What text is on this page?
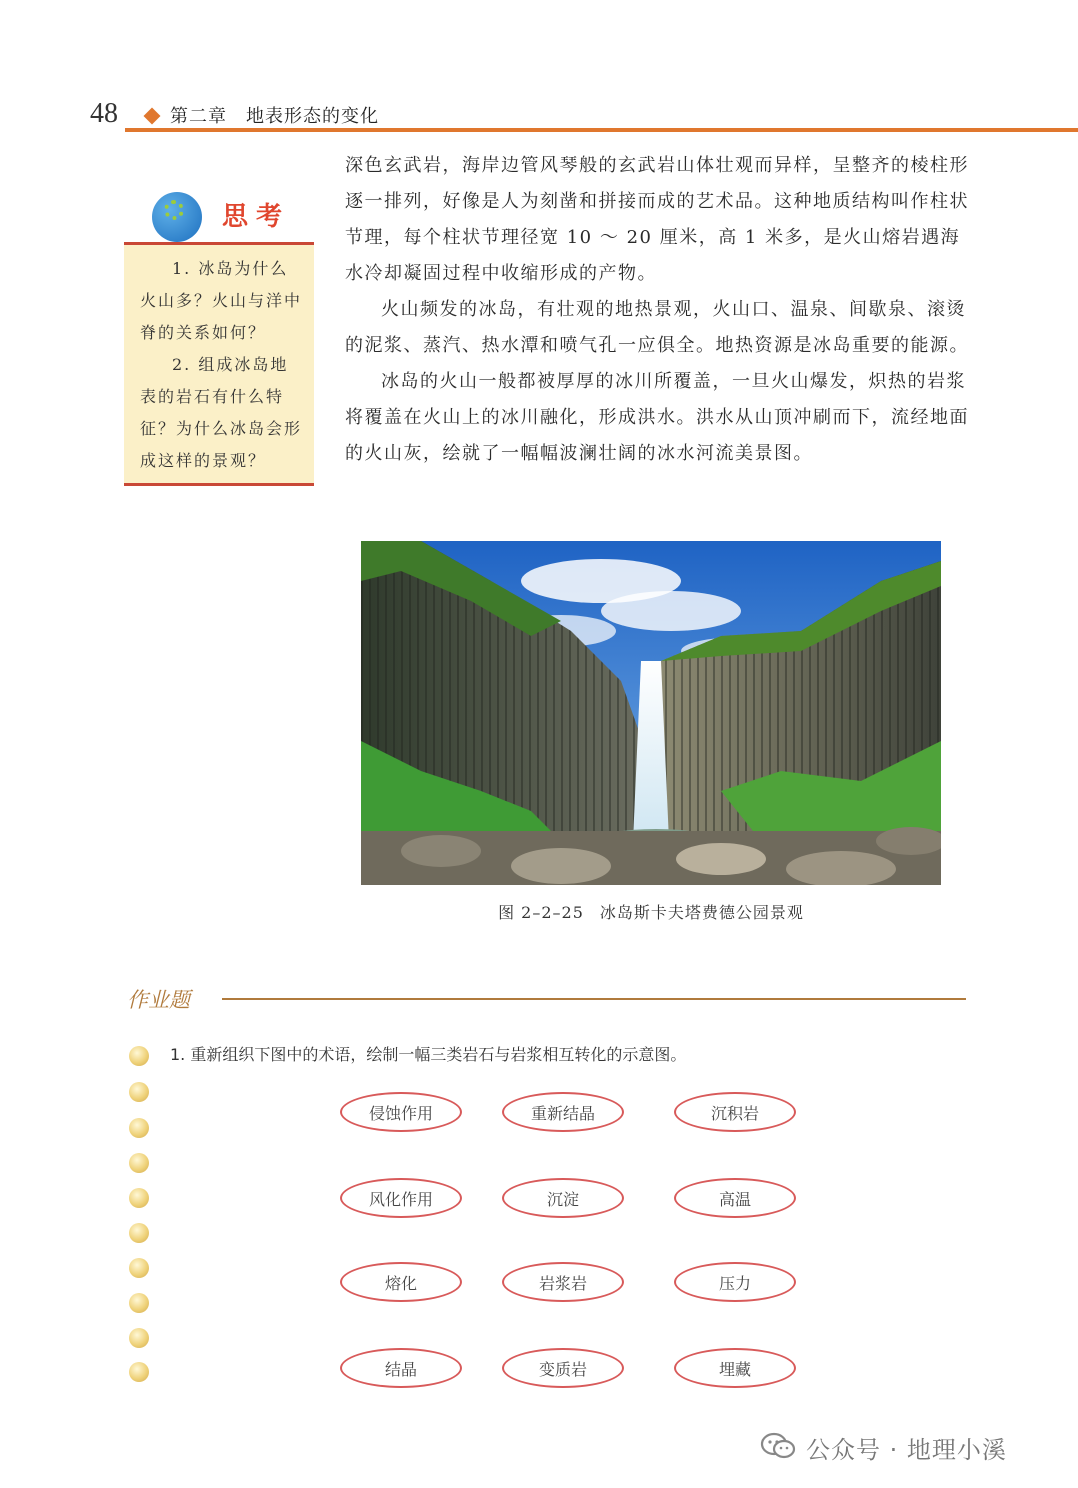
48	第二章　地表形态的变化
思考

1. 冰岛为什么火山多？火山与洋中脊的关系如何？

2. 组成冰岛地表的岩石有什么特征？为什么冰岛会形成这样的景观？

深色玄武岩，海岸边管风琴般的玄武岩山体壮观而异样，呈整齐的棱柱形逐一排列，好像是人为刻凿和拼接而成的艺术品。这种地质结构叫作柱状节理，每个柱状节理径宽 10 ～ 20 厘米，高 1 米多，是火山熔岩遇海水冷却凝固过程中收缩形成的产物。

火山频发的冰岛，有壮观的地热景观，火山口、温泉、间歇泉、滚烫的泥浆、蒸汽、热水潭和喷气孔一应俱全。地热资源是冰岛重要的能源。

冰岛的火山一般都被厚厚的冰川所覆盖，一旦火山爆发，炽热的岩浆将覆盖在火山上的冰川融化，形成洪水。洪水从山顶冲刷而下，流经地面的火山灰，绘就了一幅幅波澜壮阔的冰水河流美景图。

图 2–2–25 冰岛斯卡夫塔费德公园景观
作业题
1. 重新组织下图中的术语，绘制一幅三类岩石与岩浆相互转化的示意图。
侵蚀作用	重新结晶	沉积岩
风化作用	沉淀	高温
熔化	岩浆岩	压力
结晶	变质岩	埋藏
公众号 · 地理小溪
